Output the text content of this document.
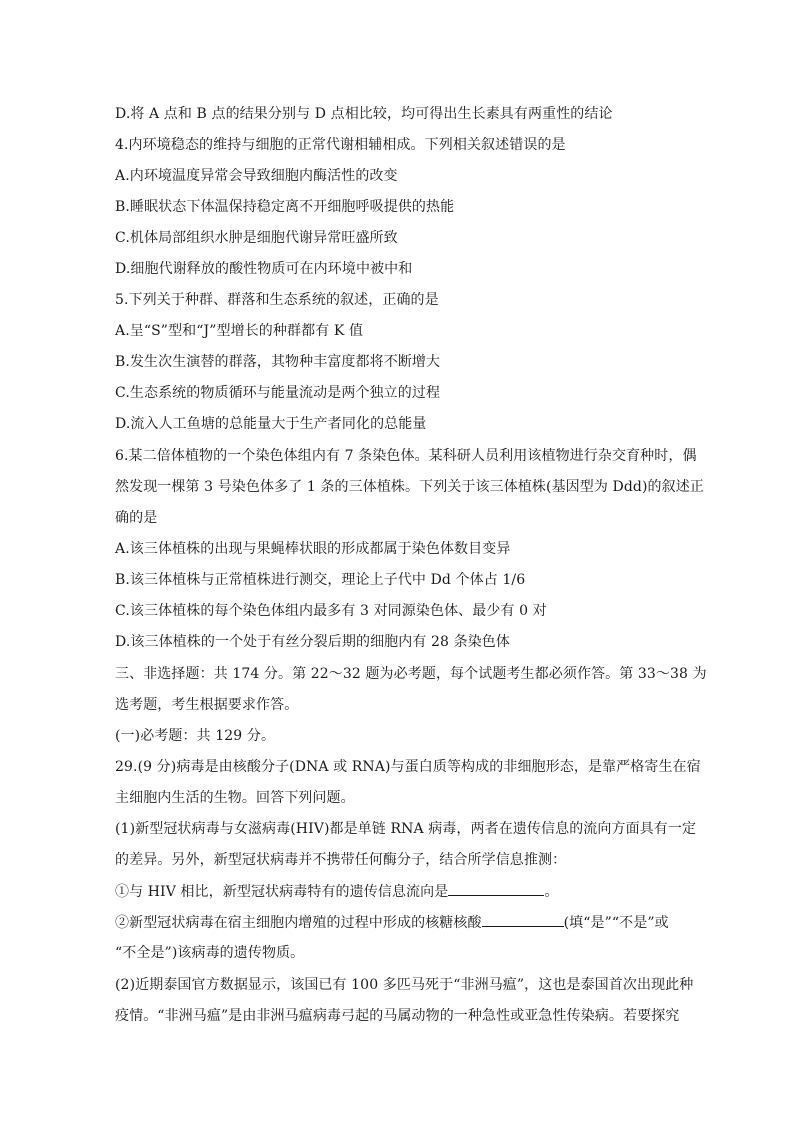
D.将 A 点和 B 点的结果分别与 D 点相比较，均可得出生长素具有两重性的结论
4.内环境稳态的维持与细胞的正常代谢相辅相成。下列相关叙述错误的是
A.内环境温度异常会导致细胞内酶活性的改变
B.睡眠状态下体温保持稳定离不开细胞呼吸提供的热能
C.机体局部组织水肿是细胞代谢异常旺盛所致
D.细胞代谢释放的酸性物质可在内环境中被中和
5.下列关于种群、群落和生态系统的叙述，正确的是
A.呈“S”型和“J”型增长的种群都有 K 值
B.发生次生演替的群落，其物种丰富度都将不断增大
C.生态系统的物质循环与能量流动是两个独立的过程
D.流入人工鱼塘的总能量大于生产者同化的总能量
6.某二倍体植物的一个染色体组内有 7 条染色体。某科研人员利用该植物进行杂交育种时，偶
然发现一棵第 3 号染色体多了 1 条的三体植株。下列关于该三体植株(基因型为 Ddd)的叙述正
确的是
A.该三体植株的出现与果蝇棒状眼的形成都属于染色体数目变异
B.该三体植株与正常植株进行测交，理论上子代中 Dd 个体占 1/6
C.该三体植株的每个染色体组内最多有 3 对同源染色体、最少有 0 对
D.该三体植株的一个处于有丝分裂后期的细胞内有 28 条染色体
三、非选择题：共 174 分。第 22～32 题为必考题，每个试题考生都必须作答。第 33～38 为
选考题，考生根据要求作答。
(一)必考题：共 129 分。
29.(9 分)病毒是由核酸分子(DNA 或 RNA)与蛋白质等构成的非细胞形态，是靠严格寄生在宿
主细胞内生活的生物。回答下列问题。
(1)新型冠状病毒与女滋病毒(HIV)都是单链 RNA 病毒，两者在遗传信息的流向方面具有一定
的差异。另外，新型冠状病毒并不携带任何酶分子，结合所学信息推测：
①与 HIV 相比，新型冠状病毒特有的遗传信息流向是	。
②新型冠状病毒在宿主细胞内增殖的过程中形成的核糖核酸	(填“是”“不是”或
“不全是”)该病毒的遗传物质。
(2)近期泰国官方数据显示，该国已有 100 多匹马死于“非洲马瘟”，这也是泰国首次出现此种
疫情。“非洲马瘟”是由非洲马瘟病毒弓起的马属动物的一种急性或亚急性传染病。若要探究
